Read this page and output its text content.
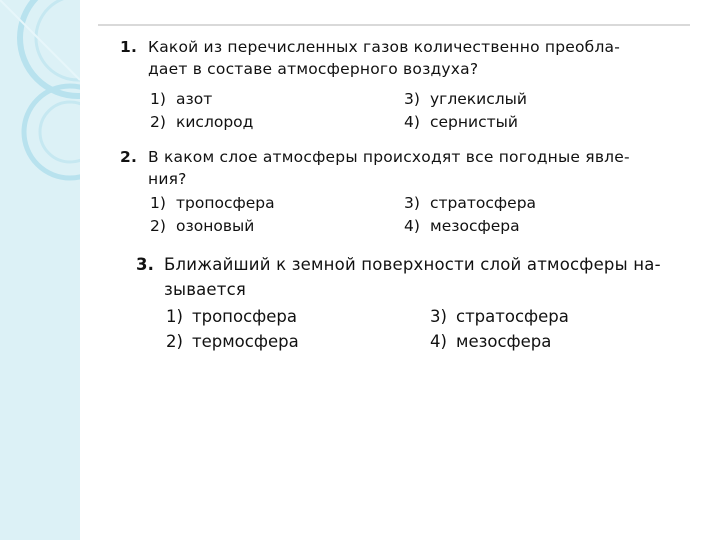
1. Какой из перечисленных газов количественно преобла-
дает в составе атмосферного воздуха?
1) азот	3) углекислый
2) кислород	4) сернистый
2. В каком слое атмосферы происходят все погодные явле-
ния?
1) тропосфера	3) стратосфера
2) озоновый	4) мезосфера
3. Ближайший к земной поверхности слой атмосферы на-
зывается
1) тропосфера	3) стратосфера
2) термосфера	4) мезосфера
